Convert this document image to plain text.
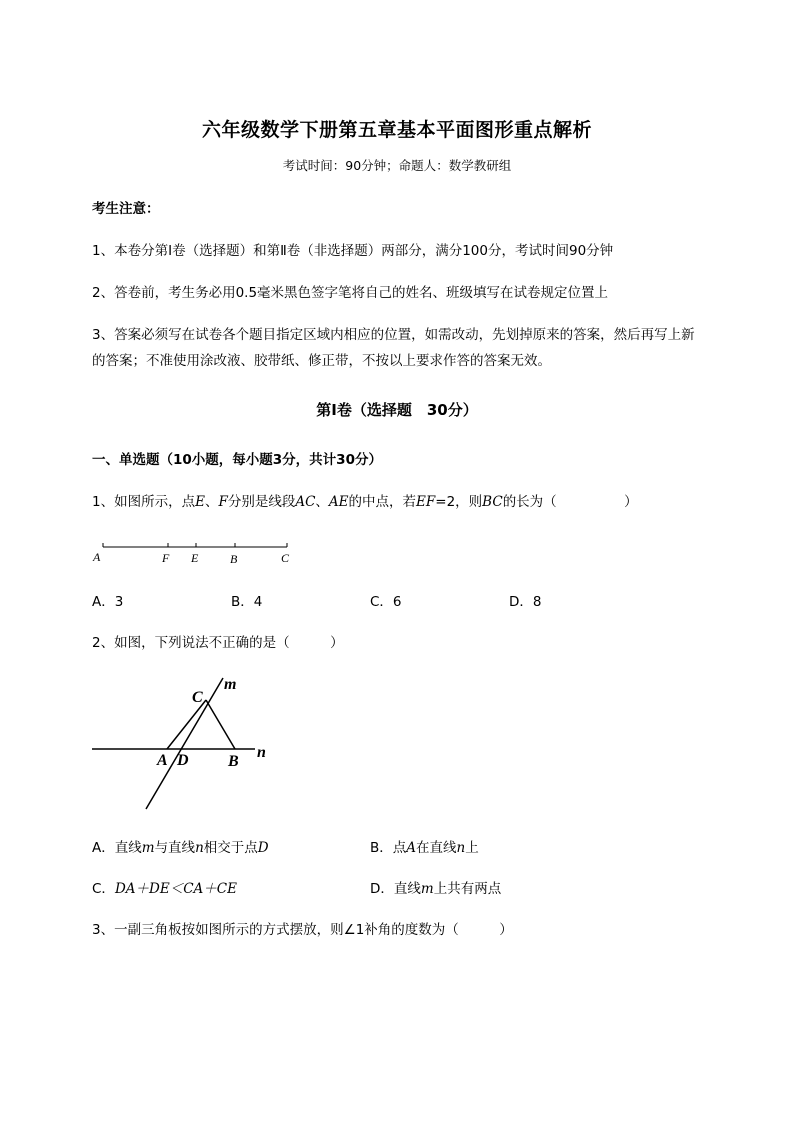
六年级数学下册第五章基本平面图形重点解析
考试时间：90分钟；命题人：数学教研组
考生注意：
1、本卷分第I卷（选择题）和第Ⅱ卷（非选择题）两部分，满分100分，考试时间90分钟
2、答卷前，考生务必用0.5毫米黑色签字笔将自己的姓名、班级填写在试卷规定位置上
3、答案必须写在试卷各个题目指定区域内相应的位置，如需改动，先划掉原来的答案，然后再写上新
的答案；不准使用涂改液、胶带纸、修正带，不按以上要求作答的答案无效。
第I卷（选择题　30分）
一、单选题（10小题，每小题3分，共计30分）
1、如图所示，点E、F分别是线段AC、AE的中点，若EF=2，则BC的长为（　　　　　）
A	F E	B	C
A．3	B．4	C．6	D．8
2、如图，下列说法不正确的是（　　　）
C
m
A D B
n
A．直线m与直线n相交于点D	B．点A在直线n上
C．DA＋DE＜CA＋CE	D．直线m上共有两点
3、一副三角板按如图所示的方式摆放，则∠1补角的度数为（　　　）
